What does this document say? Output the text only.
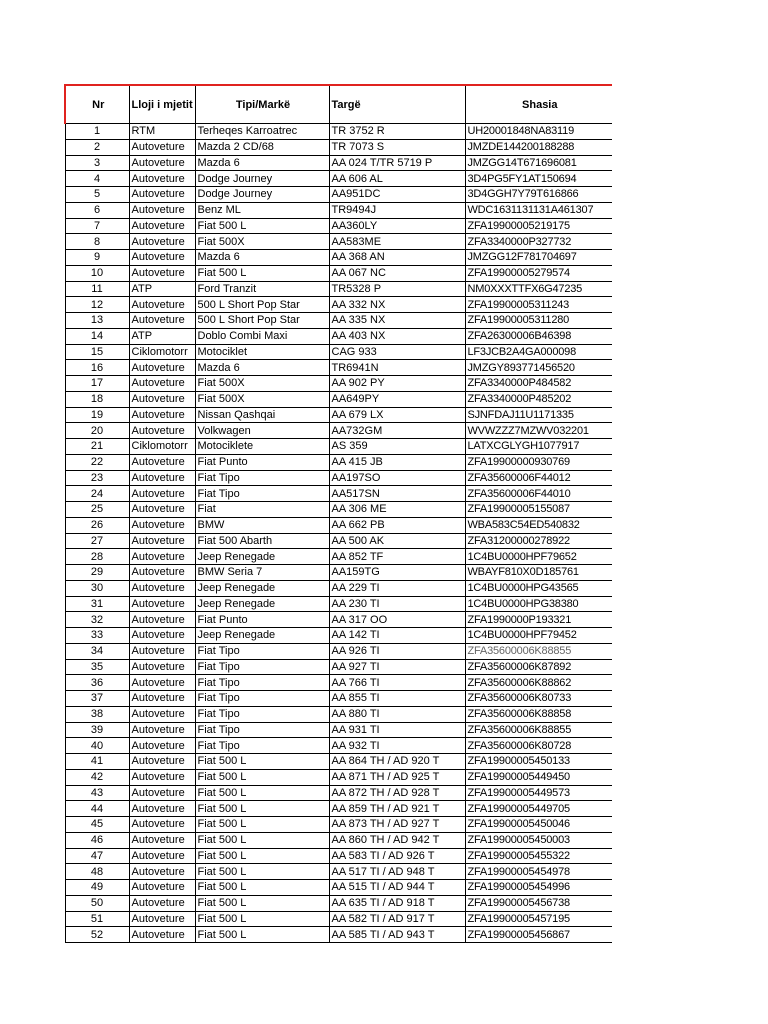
Nr	Lloji i mjetit	Tipi/Markë	Targë	Shasia
1	RTM	Terheqes Karroatrec	TR 3752 R	UH20001848NA83119
2	Autoveture	Mazda 2 CD/68	TR 7073 S	JMZDE144200188288
3	Autoveture	Mazda 6	AA 024 T/TR 5719 P	JMZGG14T671696081
4	Autoveture	Dodge Journey	AA 606 AL	3D4PG5FY1AT150694
5	Autoveture	Dodge Journey	AA951DC	3D4GGH7Y79T616866
6	Autoveture	Benz ML	TR9494J	WDC1631131131A461307
7	Autoveture	Fiat 500 L	AA360LY	ZFA19900005219175
8	Autoveture	Fiat 500X	AA583ME	ZFA3340000P327732
9	Autoveture	Mazda 6	AA 368 AN	JMZGG12F781704697
10	Autoveture	Fiat 500 L	AA 067 NC	ZFA19900005279574
11	ATP	Ford Tranzit	TR5328 P	NM0XXXTTFX6G47235
12	Autoveture	500 L Short Pop Star	AA 332 NX	ZFA19900005311243
13	Autoveture	500 L Short Pop Star	AA 335 NX	ZFA19900005311280
14	ATP	Doblo Combi Maxi	AA 403 NX	ZFA26300006B46398
15	Ciklomotorr	Motociklet	CAG 933	LF3JCB2A4GA000098
16	Autoveture	Mazda 6	TR6941N	JMZGY893771456520
17	Autoveture	Fiat 500X	AA 902 PY	ZFA3340000P484582
18	Autoveture	Fiat 500X	AA649PY	ZFA3340000P485202
19	Autoveture	Nissan Qashqai	AA 679 LX	SJNFDAJ11U1171335
20	Autoveture	Volkwagen	AA732GM	WVWZZZ7MZWV032201
21	Ciklomotorr	Motociklete	AS 359	LATXCGLYGH1077917
22	Autoveture	Fiat Punto	AA 415 JB	ZFA19900000930769
23	Autoveture	Fiat Tipo	AA197SO	ZFA35600006F44012
24	Autoveture	Fiat Tipo	AA517SN	ZFA35600006F44010
25	Autoveture	Fiat	AA 306 ME	ZFA19900005155087
26	Autoveture	BMW	AA 662 PB	WBA583C54ED540832
27	Autoveture	Fiat 500 Abarth	AA 500 AK	ZFA31200000278922
28	Autoveture	Jeep Renegade	AA 852 TF	1C4BU0000HPF79652
29	Autoveture	BMW Seria 7	AA159TG	WBAYF810X0D185761
30	Autoveture	Jeep Renegade	AA 229 TI	1C4BU0000HPG43565
31	Autoveture	Jeep Renegade	AA 230 TI	1C4BU0000HPG38380
32	Autoveture	Fiat Punto	AA 317 OO	ZFA1990000P193321
33	Autoveture	Jeep Renegade	AA 142 TI	1C4BU0000HPF79452
34	Autoveture	Fiat Tipo	AA 926 TI	ZFA35600006K88855
35	Autoveture	Fiat Tipo	AA 927 TI	ZFA35600006K87892
36	Autoveture	Fiat Tipo	AA 766 TI	ZFA35600006K88862
37	Autoveture	Fiat Tipo	AA 855 TI	ZFA35600006K80733
38	Autoveture	Fiat Tipo	AA 880 TI	ZFA35600006K88858
39	Autoveture	Fiat Tipo	AA 931 TI	ZFA35600006K88855
40	Autoveture	Fiat Tipo	AA 932 TI	ZFA35600006K80728
41	Autoveture	Fiat 500 L	AA 864 TH / AD 920 T	ZFA19900005450133
42	Autoveture	Fiat 500 L	AA 871 TH / AD 925 T	ZFA19900005449450
43	Autoveture	Fiat 500 L	AA 872 TH / AD 928 T	ZFA19900005449573
44	Autoveture	Fiat 500 L	AA 859 TH / AD 921 T	ZFA19900005449705
45	Autoveture	Fiat 500 L	AA 873 TH / AD 927 T	ZFA19900005450046
46	Autoveture	Fiat 500 L	AA 860 TH / AD 942 T	ZFA19900005450003
47	Autoveture	Fiat 500 L	AA 583 TI / AD 926 T	ZFA19900005455322
48	Autoveture	Fiat 500 L	AA 517 TI / AD 948 T	ZFA19900005454978
49	Autoveture	Fiat 500 L	AA 515 TI / AD 944 T	ZFA19900005454996
50	Autoveture	Fiat 500 L	AA 635 TI / AD 918 T	ZFA19900005456738
51	Autoveture	Fiat 500 L	AA 582 TI / AD 917 T	ZFA19900005457195
52	Autoveture	Fiat 500 L	AA 585 TI / AD 943 T	ZFA19900005456867
